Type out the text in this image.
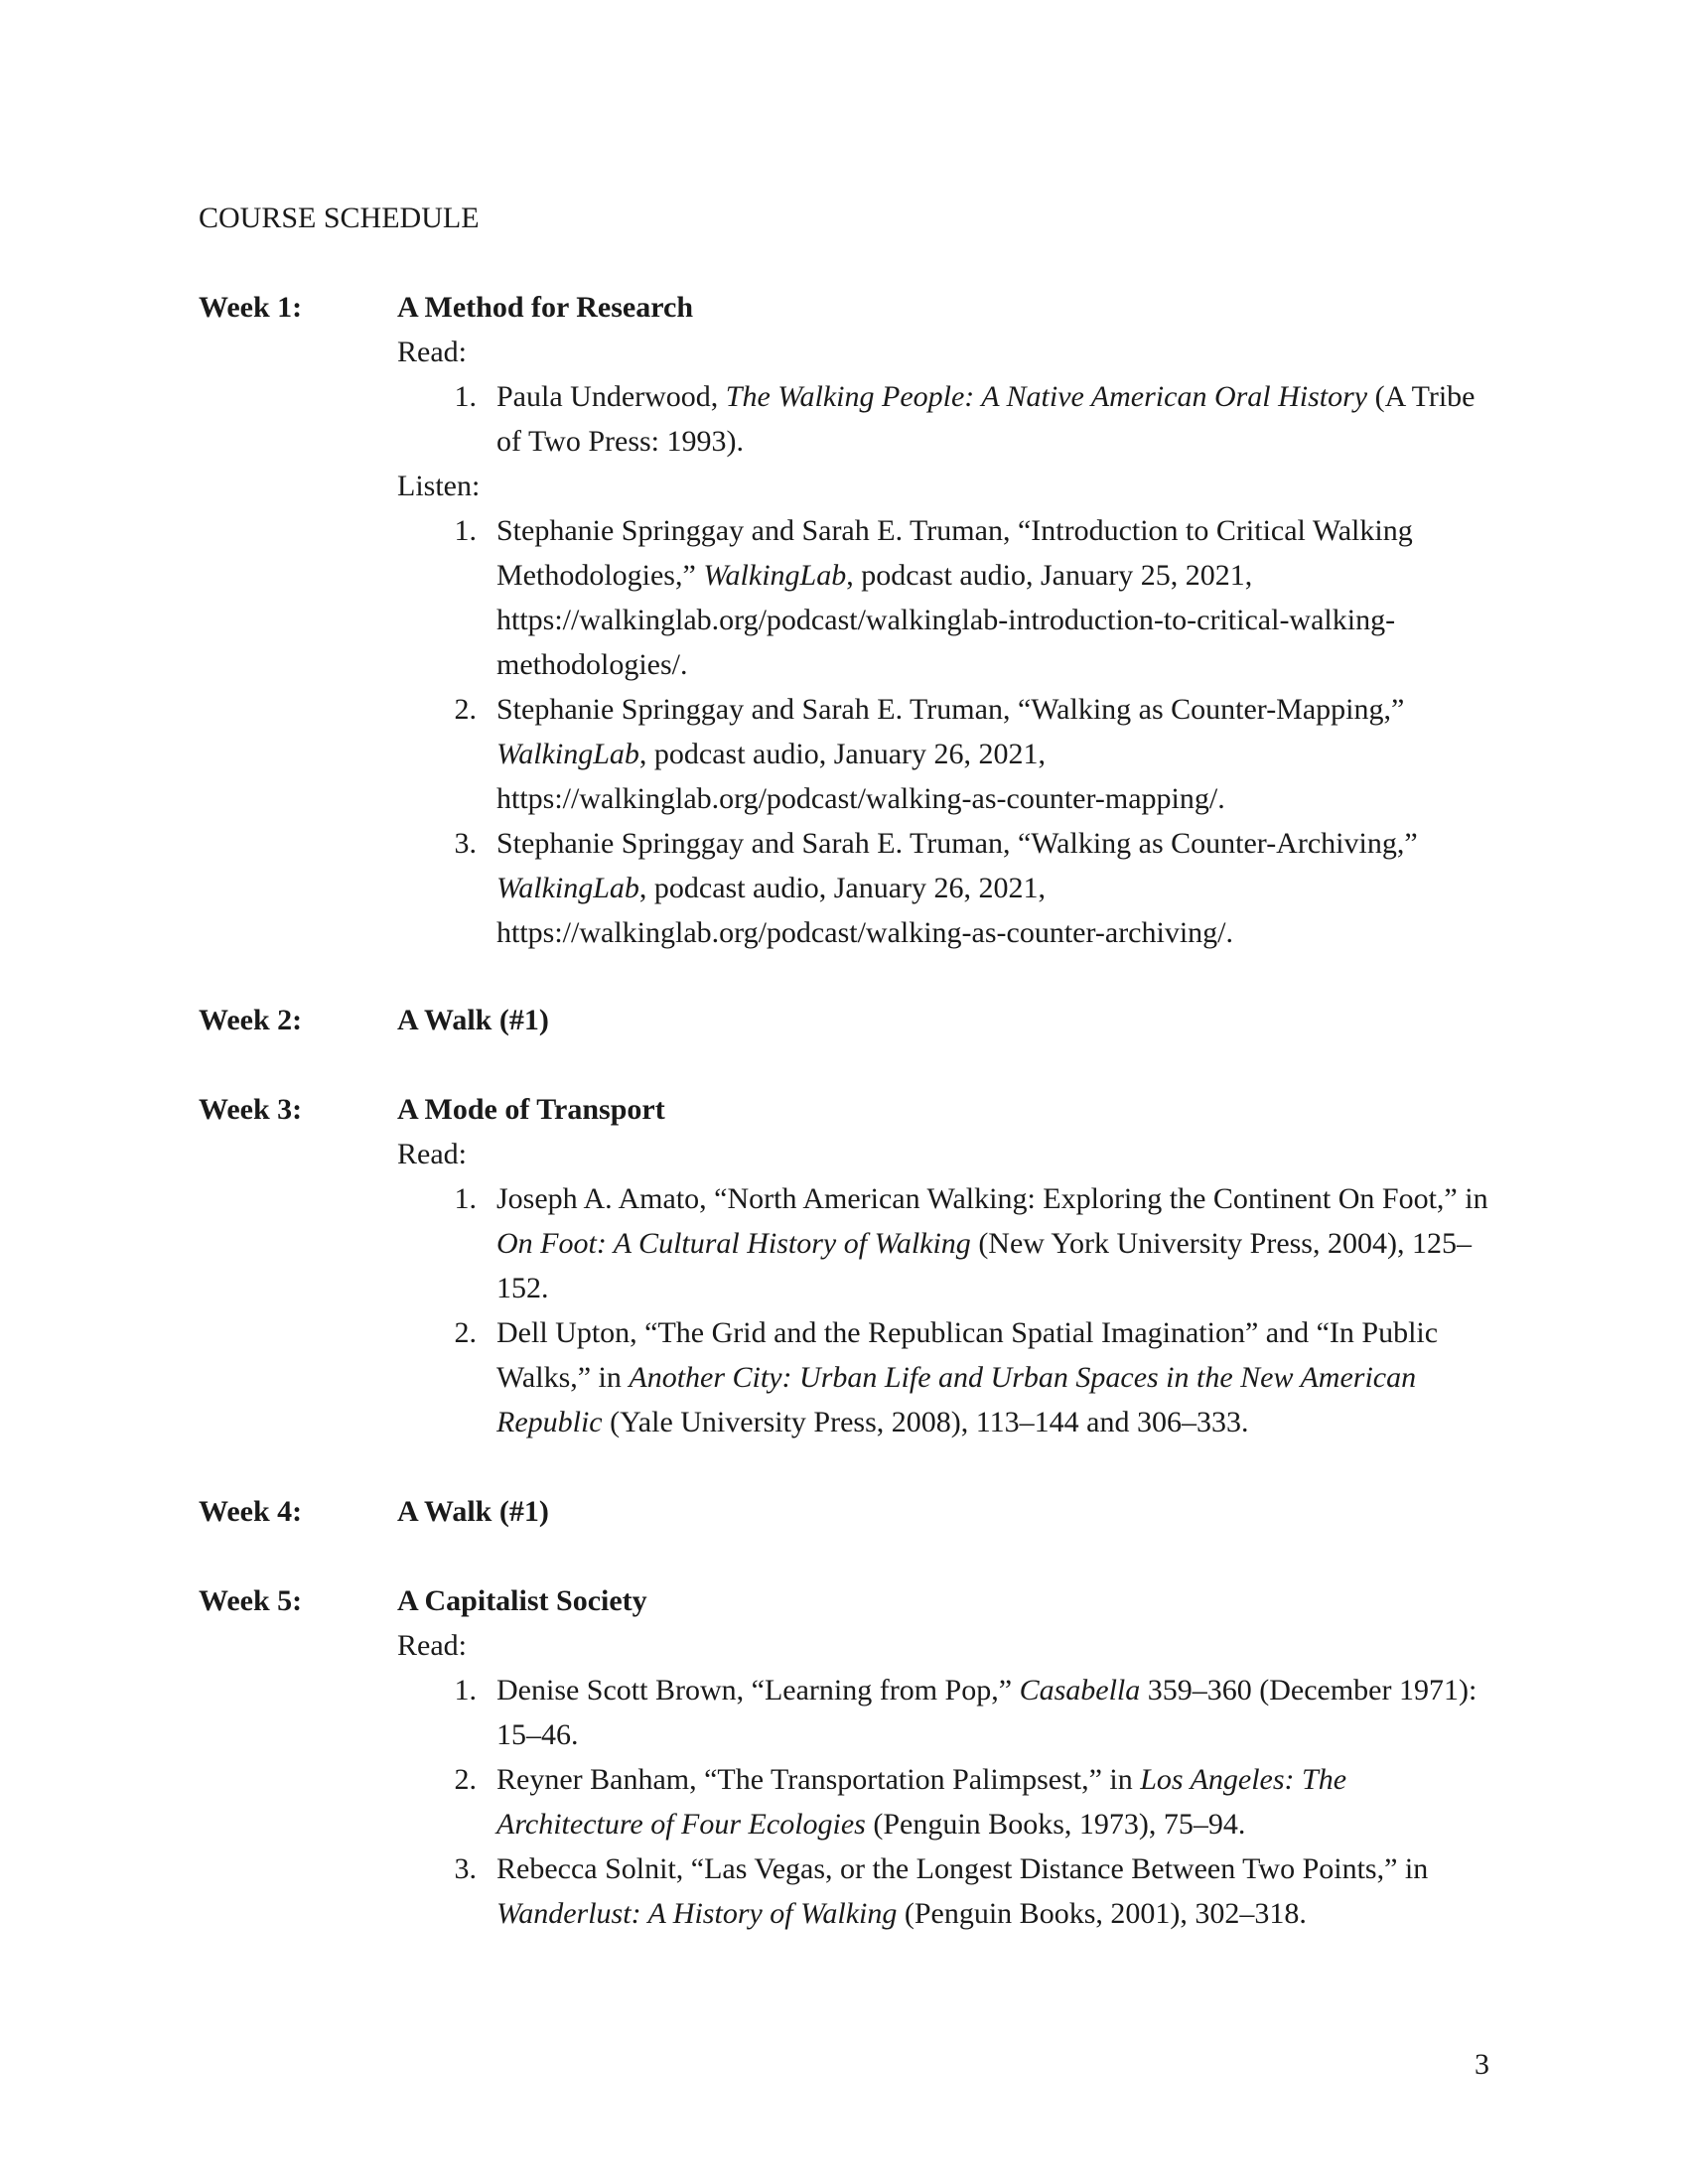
COURSE SCHEDULE
Week 1:	A Method for Research
Read:
1 . Paula Underwood, The Walking People: A Native American Oral History (A Tribe of Two Press: 1993).
Listen:
1 . Stephanie Springgay and Sarah E. Truman, “Introduction to Critical Walking Methodologies,” WalkingLab, podcast audio, January 25, 2021, https://walkinglab.org/podcast/walkinglab-introduction-to-critical-walking-methodologies/.
2 . Stephanie Springgay and Sarah E. Truman, “Walking as Counter-Mapping,” WalkingLab, podcast audio, January 26, 2021, https://walkinglab.org/podcast/walking-as-counter-mapping/.
3 . Stephanie Springgay and Sarah E. Truman, “Walking as Counter-Archiving,” WalkingLab, podcast audio, January 26, 2021, https://walkinglab.org/podcast/walking-as-counter-archiving/.
Week 2:	A Walk (#1)
Week 3:	A Mode of Transport
Read:
1 . Joseph A. Amato, “North American Walking: Exploring the Continent On Foot,” in On Foot: A Cultural History of Walking (New York University Press, 2004), 125–152.
2 . Dell Upton, “The Grid and the Republican Spatial Imagination” and “In Public Walks,” in Another City: Urban Life and Urban Spaces in the New American Republic (Yale University Press, 2008), 113–144 and 306–333.
Week 4:	A Walk (#1)
Week 5:	A Capitalist Society
Read:
1 . Denise Scott Brown, “Learning from Pop,” Casabella 359–360 (December 1971): 15–46.
2 . Reyner Banham, “The Transportation Palimpsest,” in Los Angeles: The Architecture of Four Ecologies (Penguin Books, 1973), 75–94.
3 . Rebecca Solnit, “Las Vegas, or the Longest Distance Between Two Points,” in Wanderlust: A History of Walking (Penguin Books, 2001), 302–318.
3
